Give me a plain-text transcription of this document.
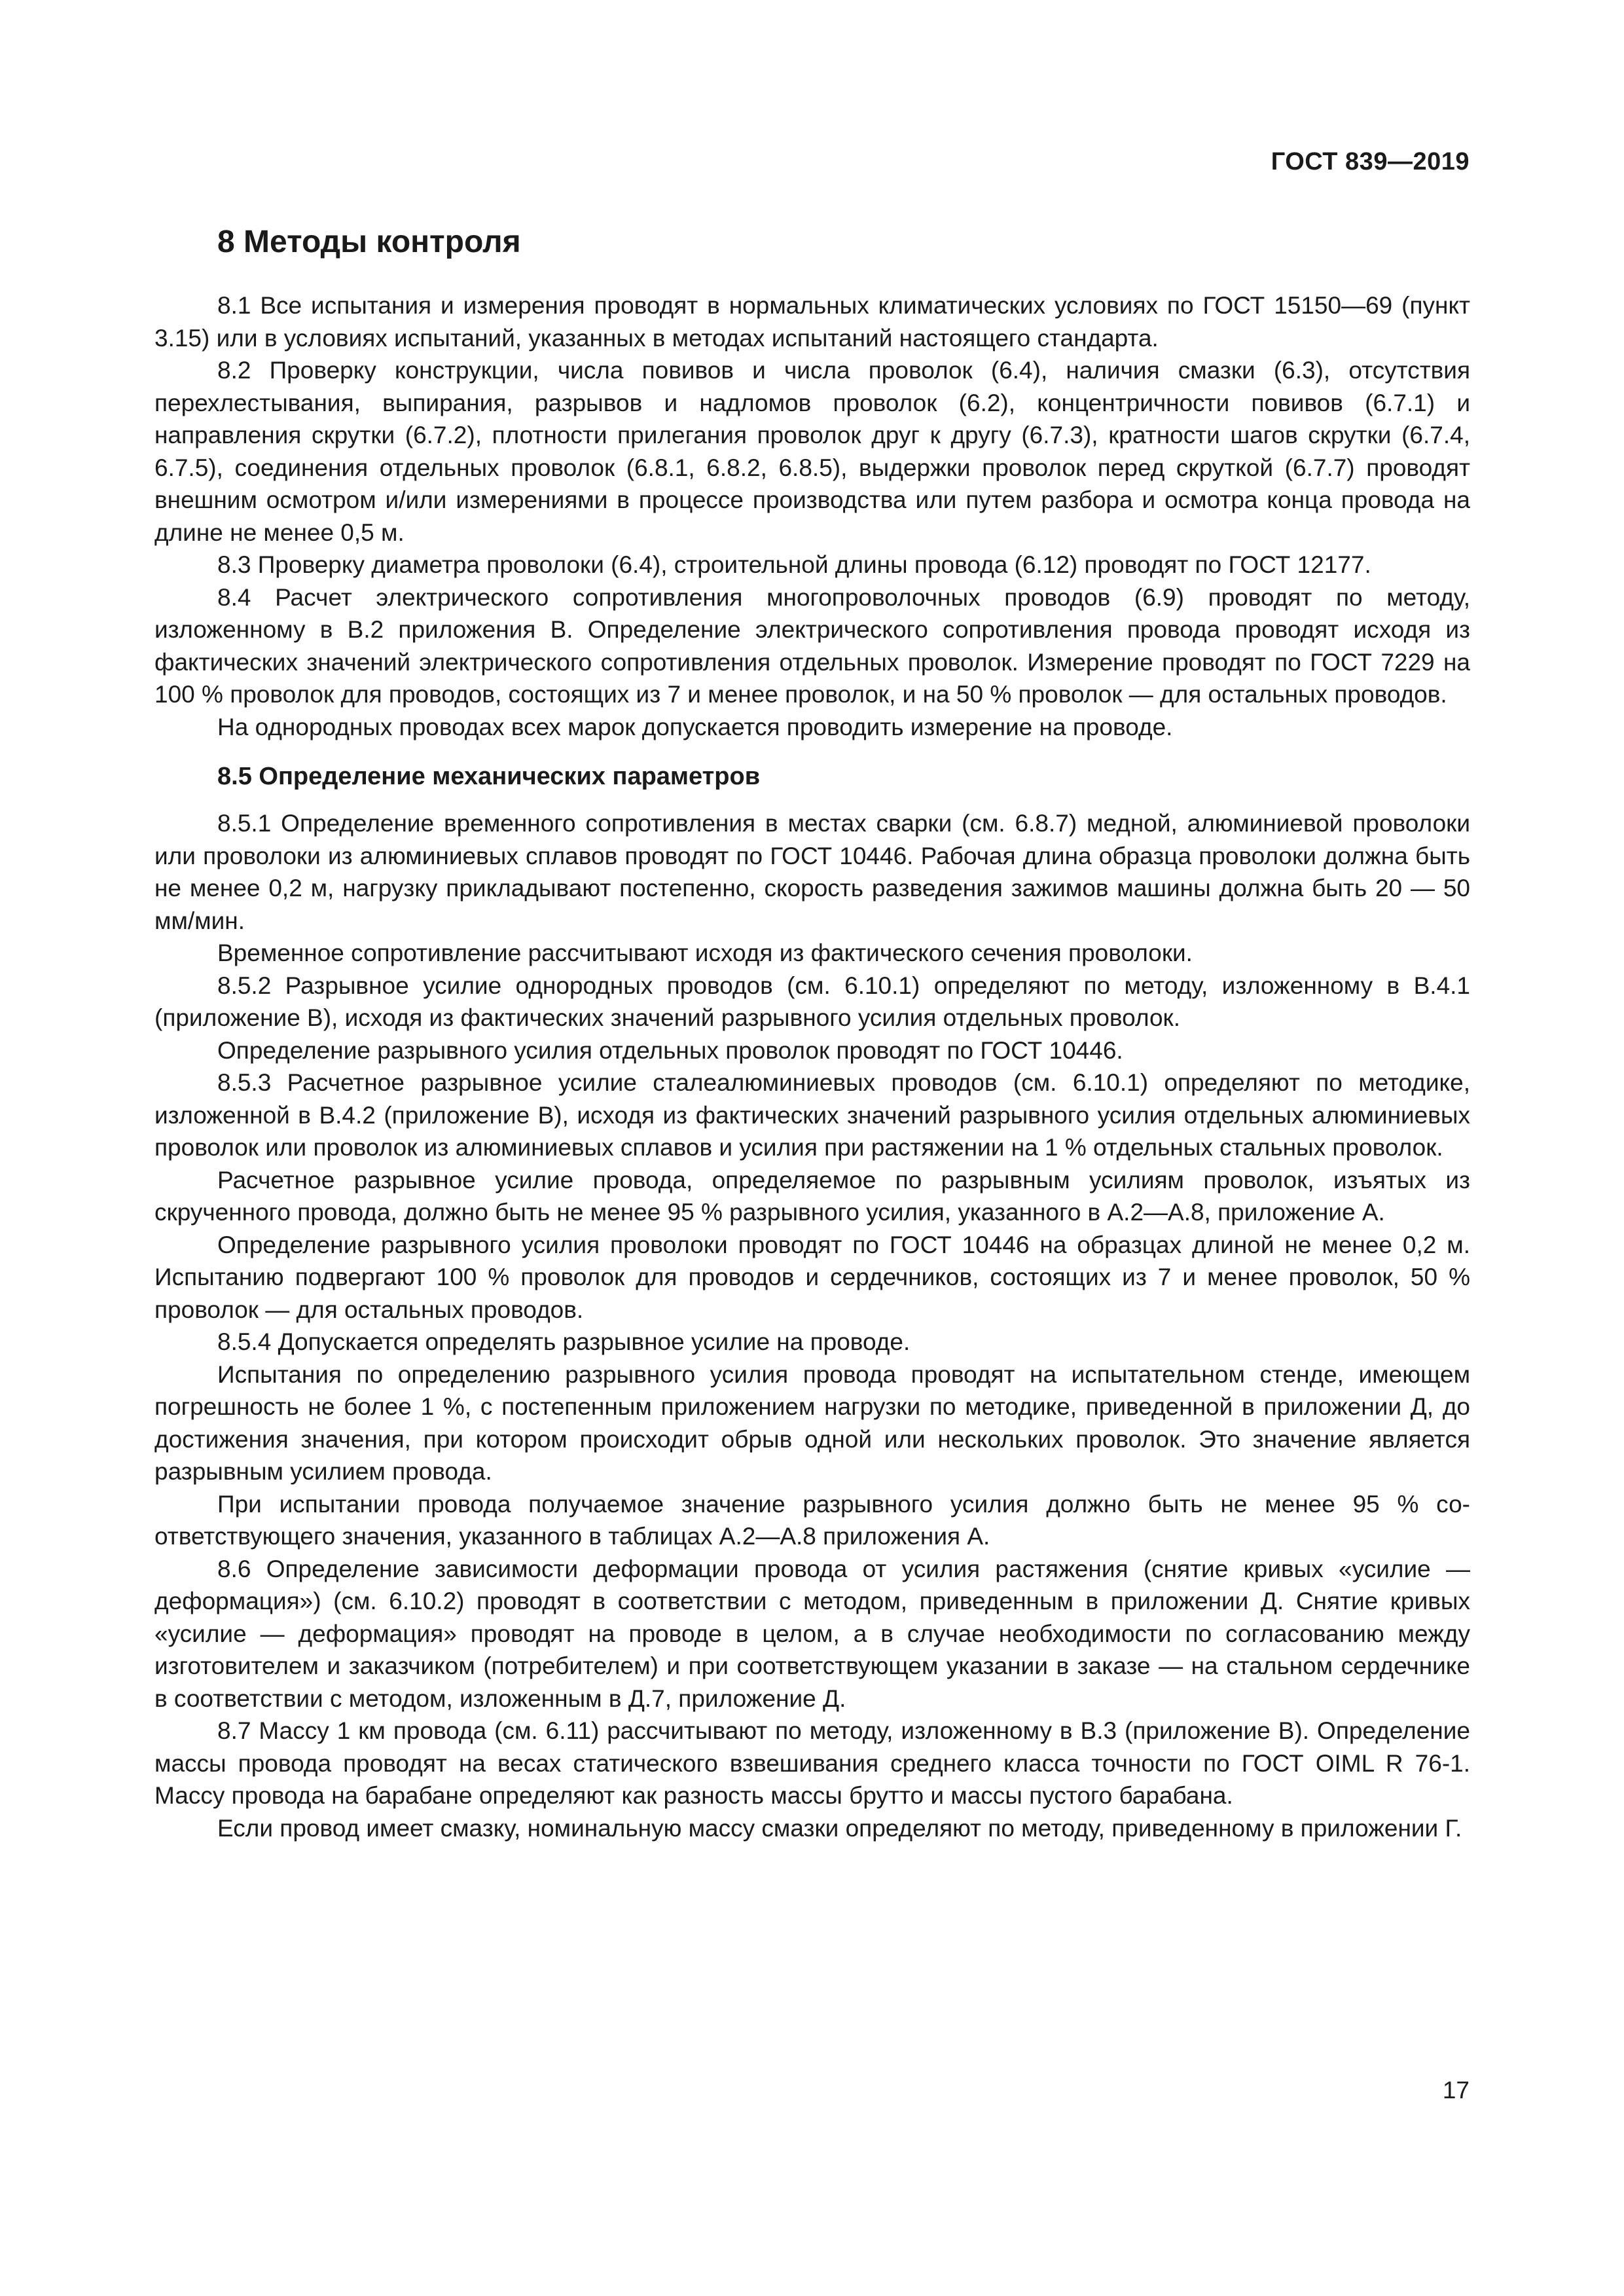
ГОСТ 839—2019
8 Методы контроля

8.1 Все испытания и измерения проводят в нормальных климатических условиях по ГОСТ 15150—69 (пункт 3.15) или в условиях испытаний, указанных в методах испытаний настоящего стандарта.

8.2 Проверку конструкции, числа повивов и числа проволок (6.4), наличия смазки (6.3), отсутствия перехлестывания, выпирания, разрывов и надломов проволок (6.2), концентричности повивов (6.7.1) и направления скрутки (6.7.2), плотности прилегания проволок друг к другу (6.7.3), кратности шагов скрутки (6.7.4, 6.7.5), соединения отдельных проволок (6.8.1, 6.8.2, 6.8.5), выдержки проволок перед скруткой (6.7.7) проводят внешним осмотром и/или измерениями в процессе производства или путем разбора и осмотра конца провода на длине не менее 0,5 м.

8.3 Проверку диаметра проволоки (6.4), строительной длины провода (6.12) проводят по ГОСТ 12177.

8.4 Расчет электрического сопротивления многопроволочных проводов (6.9) проводят по методу, изложенному в В.2 приложения В. Определение электрического сопротивления провода проводят исходя из фактических значений электрического сопротивления отдельных проволок. Измерение проводят по ГОСТ 7229 на 100 % проволок для проводов, состоящих из 7 и менее проволок, и на 50 % проволок — для остальных проводов.

На однородных проводах всех марок допускается проводить измерение на проводе.

8.5 Определение механических параметров

8.5.1 Определение временного сопротивления в местах сварки (см. 6.8.7) медной, алюминиевой проволоки или проволоки из алюминиевых сплавов проводят по ГОСТ 10446. Рабочая длина образца проволоки должна быть не менее 0,2 м, нагрузку прикладывают постепенно, скорость разведения зажимов машины должна быть 20 — 50 мм/мин.

Временное сопротивление рассчитывают исходя из фактического сечения проволоки.

8.5.2 Разрывное усилие однородных проводов (см. 6.10.1) определяют по методу, изложенному в В.4.1 (приложение В), исходя из фактических значений разрывного усилия отдельных проволок.

Определение разрывного усилия отдельных проволок проводят по ГОСТ 10446.

8.5.3 Расчетное разрывное усилие сталеалюминиевых проводов (см. 6.10.1) определяют по методике, изложенной в В.4.2 (приложение В), исходя из фактических значений разрывного усилия отдельных алюминиевых проволок или проволок из алюминиевых сплавов и усилия при растяжении на 1 % отдельных стальных проволок.

Расчетное разрывное усилие провода, определяемое по разрывным усилиям проволок, изъятых из скрученного провода, должно быть не менее 95 % разрывного усилия, указанного в А.2—А.8, приложение А.

Определение разрывного усилия проволоки проводят по ГОСТ 10446 на образцах длиной не менее 0,2 м. Испытанию подвергают 100 % проволок для проводов и сердечников, состоящих из 7 и менее проволок, 50 % проволок — для остальных проводов.

8.5.4 Допускается определять разрывное усилие на проводе.

Испытания по определению разрывного усилия провода проводят на испытательном стенде, имеющем погрешность не более 1 %, с постепенным приложением нагрузки по методике, приведенной в приложении Д, до достижения значения, при котором происходит обрыв одной или нескольких проволок. Это значение является разрывным усилием провода.

При испытании провода получаемое значение разрывного усилия должно быть не менее 95 % соответствующего значения, указанного в таблицах А.2—А.8 приложения А.

8.6 Определение зависимости деформации провода от усилия растяжения (снятие кривых «усилие — деформация») (см. 6.10.2) проводят в соответствии с методом, приведенным в приложении Д. Снятие кривых «усилие — деформация» проводят на проводе в целом, а в случае необходимости по согласованию между изготовителем и заказчиком (потребителем) и при соответствующем указании в заказе — на стальном сердечнике в соответствии с методом, изложенным в Д.7, приложение Д.

8.7 Массу 1 км провода (см. 6.11) рассчитывают по методу, изложенному в В.3 (приложение В). Определение массы провода проводят на весах статического взвешивания среднего класса точности по ГОСТ OIML R 76-1. Массу провода на барабане определяют как разность массы брутто и массы пустого барабана.

Если провод имеет смазку, номинальную массу смазки определяют по методу, приведенному в приложении Г.

17
